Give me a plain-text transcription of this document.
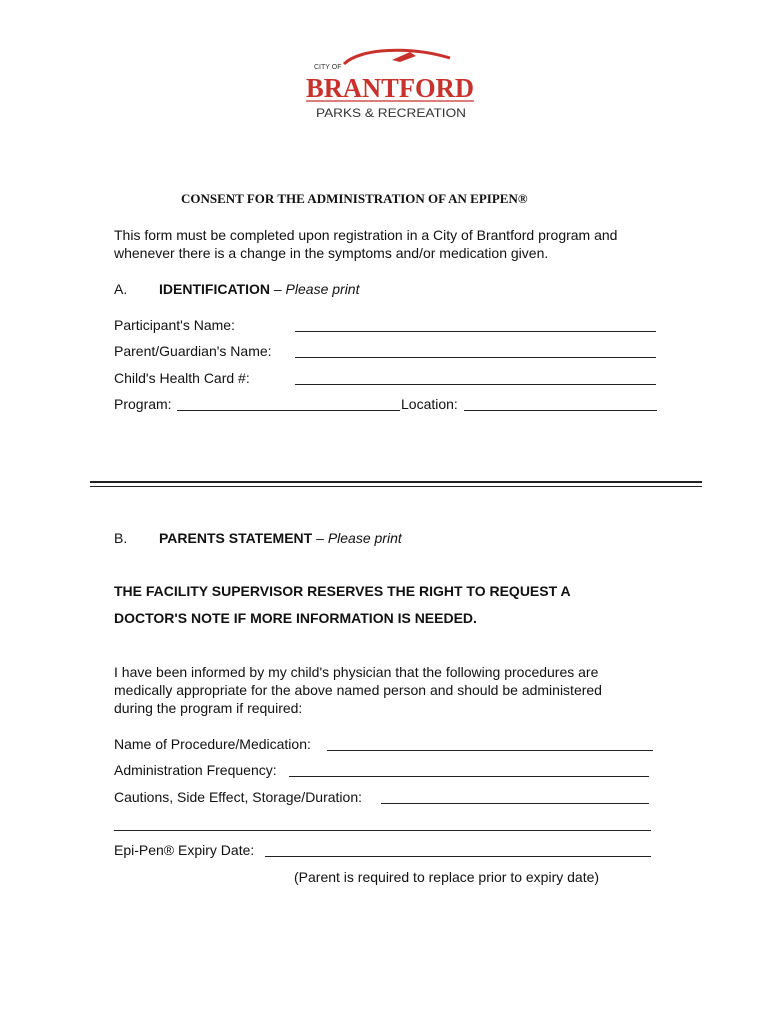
CITY OF
BRANTFORD
PARKS & RECREATION
CONSENT FOR THE ADMINISTRATION OF AN EPIPEN®
This form must be completed upon registration in a City of Brantford program and
whenever there is a change in the symptoms and/or medication given.
A. IDENTIFICATION – Please print
Participant's Name:
Parent/Guardian's Name:
Child's Health Card #:
Program:	Location:
B. PARENTS STATEMENT – Please print
THE FACILITY SUPERVISOR RESERVES THE RIGHT TO REQUEST A
DOCTOR'S NOTE IF MORE INFORMATION IS NEEDED.
I have been informed by my child's physician that the following procedures are
medically appropriate for the above named person and should be administered
during the program if required:
Name of Procedure/Medication:
Administration Frequency:
Cautions, Side Effect, Storage/Duration:
Epi-Pen® Expiry Date:
(Parent is required to replace prior to expiry date)
